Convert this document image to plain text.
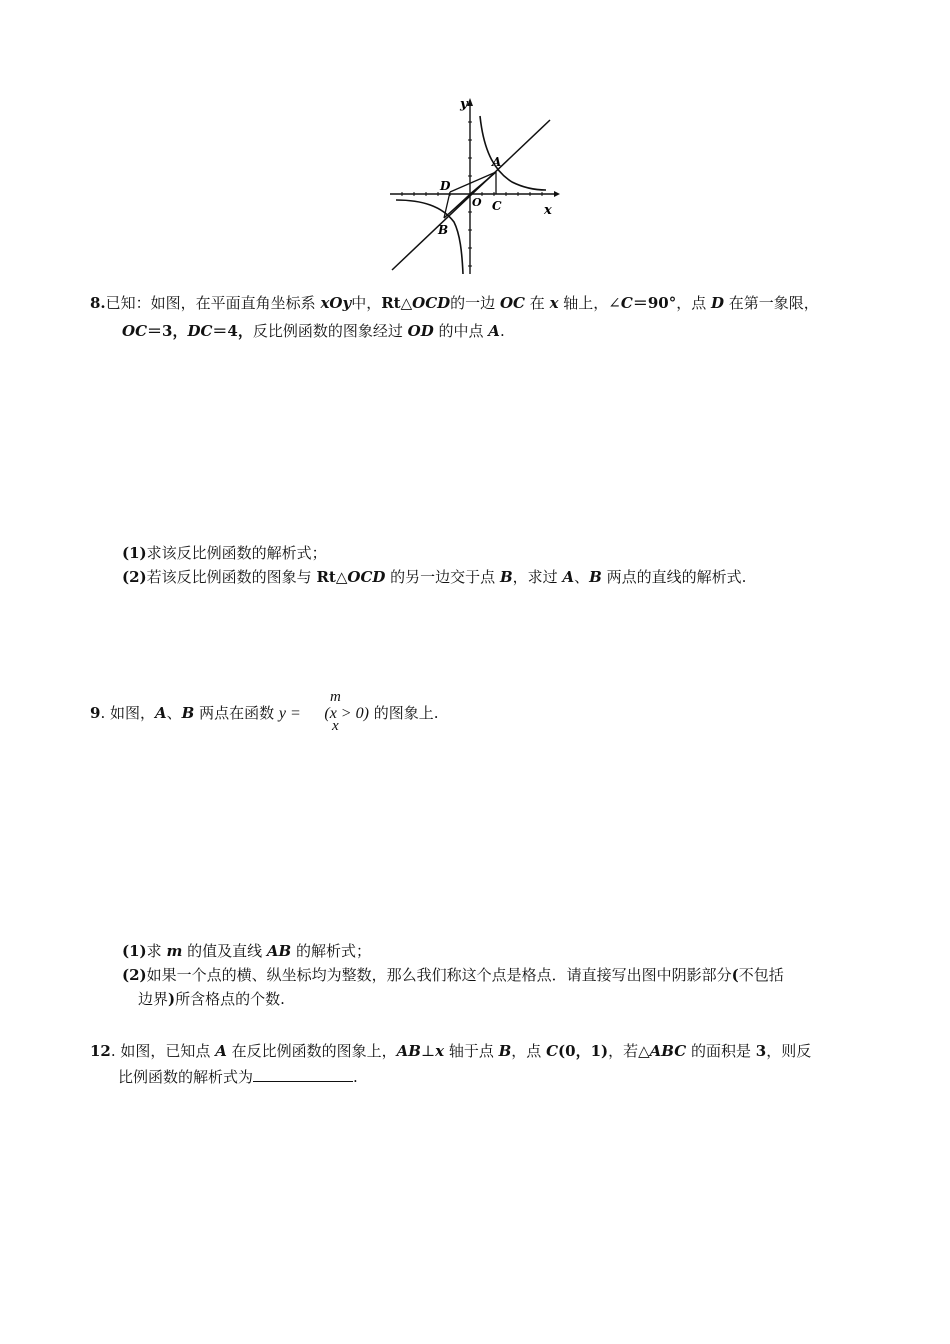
y
x
A
D
O C
B
8.已知：如图，在平面直角坐标系 xOy中，Rt△OCD的一边 OC 在 x 轴上，∠C＝90°，点 D 在第一象限，
OC＝3，DC＝4，反比例函数的图象经过 OD 的中点 A.
(1)求该反比例函数的解析式；
(2)若该反比例函数的图象与 Rt△OCD 的另一边交于点 B，求过 A、B 两点的直线的解析式.
9. 如图，A、B 两点在函数 y = (x > 0) 的图象上.
m
x
(1)求 m 的值及直线 AB 的解析式；
(2)如果一个点的横、纵坐标均为整数，那么我们称这个点是格点．请直接写出图中阴影部分(不包括
边界)所含格点的个数.
12. 如图，已知点 A 在反比例函数的图象上，AB⊥x 轴于点 B，点 C(0，1)，若△ABC 的面积是 3，则反
比例函数的解析式为	.
